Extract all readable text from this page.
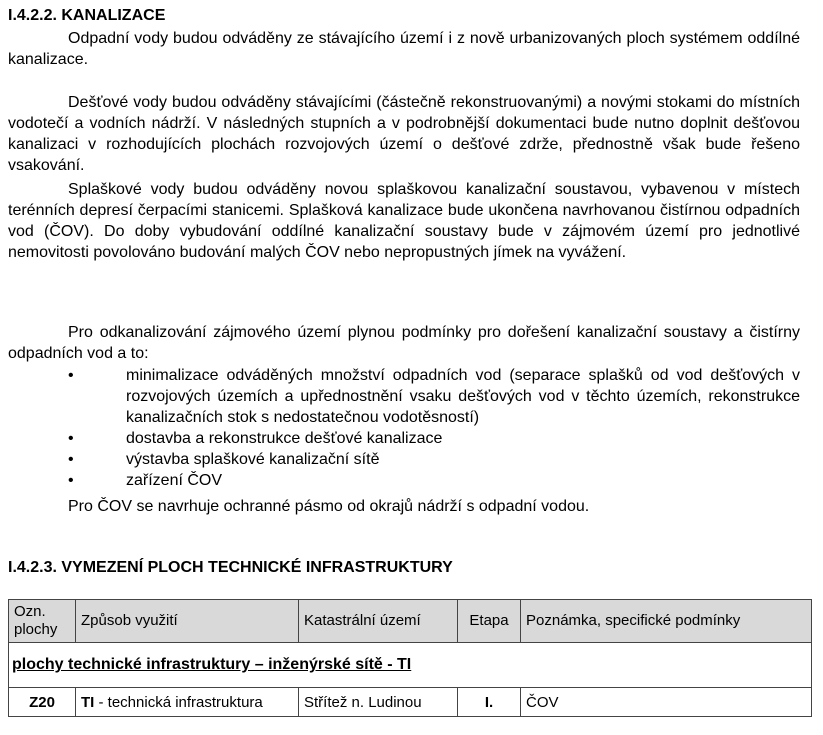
I.4.2.2. KANALIZACE

Odpadní vody budou odváděny ze stávajícího území i z nově urbanizovaných ploch systémem oddílné kanalizace.

Dešťové vody budou odváděny stávajícími (částečně rekonstruovanými) a novými stokami do místních vodotečí a vodních nádrží. V následných stupních a v podrobnější dokumentaci bude nutno doplnit dešťovou kanalizaci v rozhodujících plochách rozvojových území o dešťové zdrže, přednostně však bude řešeno vsakování.

Splaškové vody budou odváděny novou splaškovou kanalizační soustavou, vybavenou v místech terénních depresí čerpacími stanicemi. Splašková kanalizace bude ukončena navrhovanou čistírnou odpadních vod (ČOV). Do doby vybudování oddílné kanalizační soustavy bude v zájmovém území pro jednotlivé nemovitosti povolováno budování malých ČOV nebo nepropustných jímek na vyvážení.

Pro odkanalizování zájmového území plynou podmínky pro dořešení kanalizační soustavy a čistírny odpadních vod a to:

•	minimalizace odváděných množství odpadních vod (separace splašků od vod dešťových v rozvojových územích a upřednostnění vsaku dešťových vod v těchto územích, rekonstrukce kanalizačních stok s nedostatečnou vodotěsností)
•	dostavba a rekonstrukce dešťové kanalizace
•	výstavba splaškové kanalizační sítě
•	zařízení ČOV

Pro ČOV se navrhuje ochranné pásmo od okrajů nádrží s odpadní vodou.

I.4.2.3. VYMEZENÍ PLOCH TECHNICKÉ INFRASTRUKTURY
Ozn. plochy	Způsob využití	Katastrální území	Etapa	Poznámka, specifické podmínky
plochy technické infrastruktury – inženýrské sítě - TI				
Z20	TI - technická infrastruktura	Střítež n. Ludinou	I.	ČOV
